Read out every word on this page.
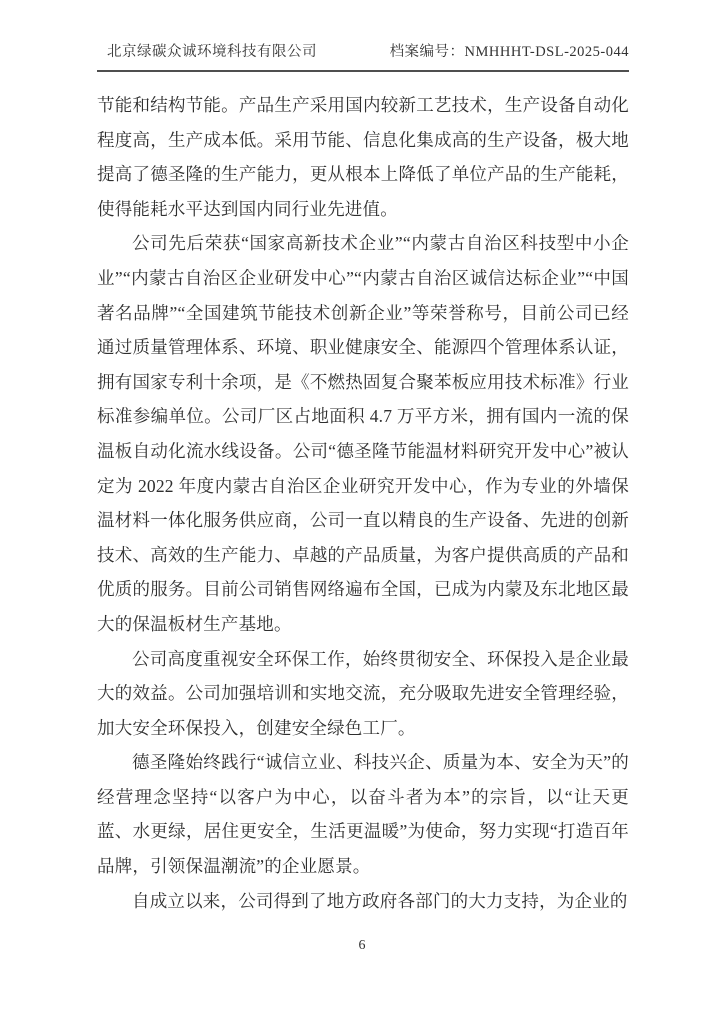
北京绿碳众诚环境科技有限公司	档案编号：NMHHHT-DSL-2025-044

节能和结构节能。产品生产采用国内较新工艺技术，生产设备自动化程度高，生产成本低。采用节能、信息化集成高的生产设备，极大地提高了德圣隆的生产能力，更从根本上降低了单位产品的生产能耗，使得能耗水平达到国内同行业先进值。

公司先后荣获“国家高新技术企业”“内蒙古自治区科技型中小企业”“内蒙古自治区企业研发中心”“内蒙古自治区诚信达标企业”“中国著名品牌”“全国建筑节能技术创新企业”等荣誉称号，目前公司已经通过质量管理体系、环境、职业健康安全、能源四个管理体系认证，拥有国家专利十余项，是《不燃热固复合聚苯板应用技术标准》行业标准参编单位。公司厂区占地面积 4.7 万平方米，拥有国内一流的保温板自动化流水线设备。公司“德圣隆节能温材料研究开发中心”被认定为 2022 年度内蒙古自治区企业研究开发中心，作为专业的外墙保温材料一体化服务供应商，公司一直以精良的生产设备、先进的创新技术、高效的生产能力、卓越的产品质量，为客户提供高质的产品和优质的服务。目前公司销售网络遍布全国，已成为内蒙及东北地区最大的保温板材生产基地。

公司高度重视安全环保工作，始终贯彻安全、环保投入是企业最大的效益。公司加强培训和实地交流，充分吸取先进安全管理经验，加大安全环保投入，创建安全绿色工厂。

德圣隆始终践行“诚信立业、科技兴企、质量为本、安全为天”的经营理念坚持“以客户为中心，以奋斗者为本”的宗旨，以“让天更蓝、水更绿，居住更安全，生活更温暖”为使命，努力实现“打造百年品牌，引领保温潮流”的企业愿景。

自成立以来，公司得到了地方政府各部门的大力支持，为企业的

6
